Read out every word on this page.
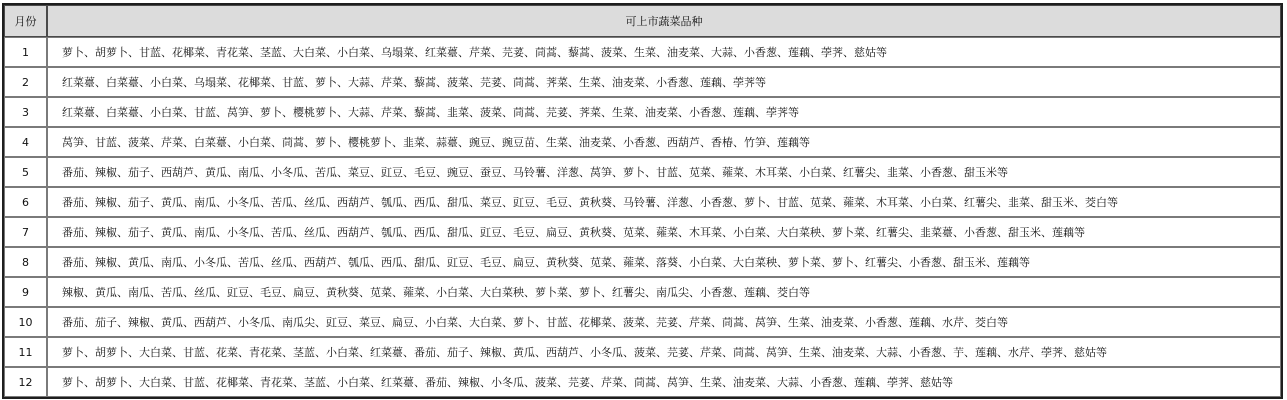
月份	可上市蔬菜品种
1	萝卜、胡萝卜、甘蓝、花椰菜、青花菜、茎蓝、大白菜、小白菜、乌塌菜、红菜薹、芹菜、芫荽、茼蒿、藜蒿、菠菜、生菜、油麦菜、大蒜、小香葱、莲藕、荸荠、慈姑等
2	红菜薹、白菜薹、小白菜、乌塌菜、花椰菜、甘蓝、萝卜、大蒜、芹菜、藜蒿、菠菜、芫荽、茼蒿、荠菜、生菜、油麦菜、小香葱、莲藕、荸荠等
3	红菜薹、白菜薹、小白菜、甘蓝、莴笋、萝卜、樱桃萝卜、大蒜、芹菜、藜蒿、韭菜、菠菜、茼蒿、芫荽、荠菜、生菜、油麦菜、小香葱、莲藕、荸荠等
4	莴笋、甘蓝、菠菜、芹菜、白菜薹、小白菜、茼蒿、萝卜、樱桃萝卜、韭菜、蒜薹、豌豆、豌豆苗、生菜、油麦菜、小香葱、西葫芦、香椿、竹笋、莲藕等
5	番茄、辣椒、茄子、西葫芦、黄瓜、南瓜、小冬瓜、苦瓜、菜豆、豇豆、毛豆、豌豆、蚕豆、马铃薯、洋葱、莴笋、萝卜、甘蓝、苋菜、蕹菜、木耳菜、小白菜、红薯尖、韭菜、小香葱、甜玉米等
6	番茄、辣椒、茄子、黄瓜、南瓜、小冬瓜、苦瓜、丝瓜、西葫芦、瓠瓜、西瓜、甜瓜、菜豆、豇豆、毛豆、黄秋葵、马铃薯、洋葱、小香葱、萝卜、甘蓝、苋菜、蕹菜、木耳菜、小白菜、红薯尖、韭菜、甜玉米、茭白等
7	番茄、辣椒、茄子、黄瓜、南瓜、小冬瓜、苦瓜、丝瓜、西葫芦、瓠瓜、西瓜、甜瓜、豇豆、毛豆、扁豆、黄秋葵、苋菜、蕹菜、木耳菜、小白菜、大白菜秧、萝卜菜、红薯尖、韭菜薹、小香葱、甜玉米、莲藕等
8	番茄、辣椒、黄瓜、南瓜、小冬瓜、苦瓜、丝瓜、西葫芦、瓠瓜、西瓜、甜瓜、豇豆、毛豆、扁豆、黄秋葵、苋菜、蕹菜、落葵、小白菜、大白菜秧、萝卜菜、萝卜、红薯尖、小香葱、甜玉米、莲藕等
9	辣椒、黄瓜、南瓜、苦瓜、丝瓜、豇豆、毛豆、扁豆、黄秋葵、苋菜、蕹菜、小白菜、大白菜秧、萝卜菜、萝卜、红薯尖、南瓜尖、小香葱、莲藕、茭白等
10	番茄、茄子、辣椒、黄瓜、西葫芦、小冬瓜、南瓜尖、豇豆、菜豆、扁豆、小白菜、大白菜、萝卜、甘蓝、花椰菜、菠菜、芫荽、芹菜、茼蒿、莴笋、生菜、油麦菜、小香葱、莲藕、水芹、茭白等
11	萝卜、胡萝卜、大白菜、甘蓝、花菜、青花菜、茎蓝、小白菜、红菜薹、番茄、茄子、辣椒、黄瓜、西葫芦、小冬瓜、菠菜、芫荽、芹菜、茼蒿、莴笋、生菜、油麦菜、大蒜、小香葱、芋、莲藕、水芹、荸荠、慈姑等
12	萝卜、胡萝卜、大白菜、甘蓝、花椰菜、青花菜、茎蓝、小白菜、红菜薹、番茄、辣椒、小冬瓜、菠菜、芫荽、芹菜、茼蒿、莴笋、生菜、油麦菜、大蒜、小香葱、莲藕、荸荠、慈姑等
